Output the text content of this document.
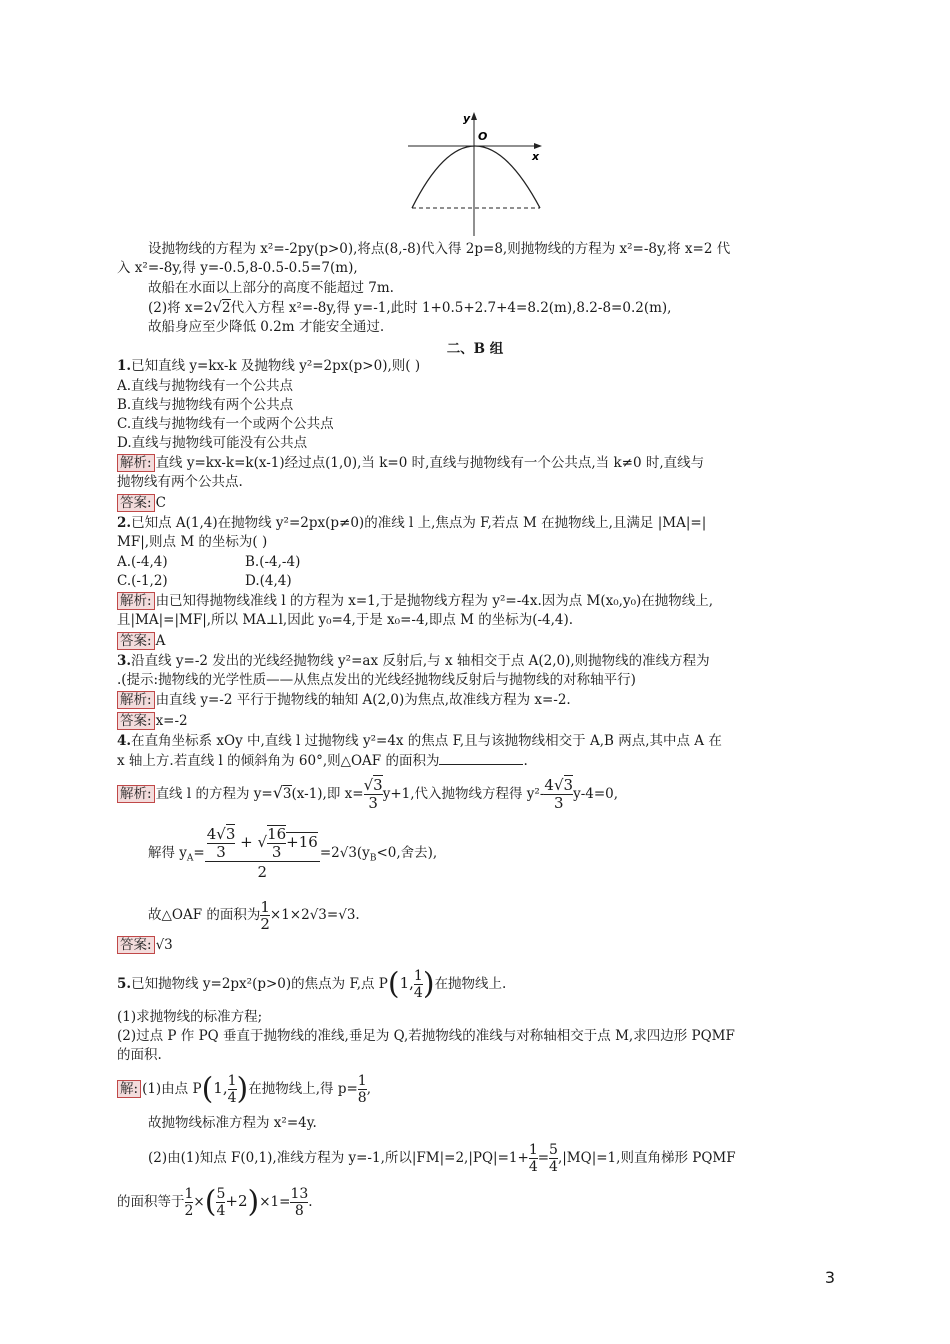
y
O
x
设抛物线的方程为 x²=-2py(p>0),将点(8,-8)代入得 2p=8,则抛物线的方程为 x²=-8y,将 x=2 代
入 x²=-8y,得 y=-0.5,8-0.5-0.5=7(m),
故船在水面以上部分的高度不能超过 7m.
(2)将 x=2√2代入方程 x²=-8y,得 y=-1,此时 1+0.5+2.7+4=8.2(m),8.2-8=0.2(m),
故船身应至少降低 0.2m 才能安全通过.
二、B 组
1.已知直线 y=kx-k 及抛物线 y²=2px(p>0),则( )
A.直线与抛物线有一个公共点
B.直线与抛物线有两个公共点
C.直线与抛物线有一个或两个公共点
D.直线与抛物线可能没有公共点
解析: 直线 y=kx-k=k(x-1)经过点(1,0),当 k=0 时,直线与抛物线有一个公共点,当 k≠0 时,直线与
抛物线有两个公共点.
答案: C
2.已知点 A(1,4)在抛物线 y²=2px(p≠0)的准线 l 上,焦点为 F,若点 M 在抛物线上,且满足 |MA|=|
MF|,则点 M 的坐标为( )
A.(-4,4)	B.(-4,-4)
C.(-1,2)	D.(4,4)
解析: 由已知得抛物线准线 l 的方程为 x=1,于是抛物线方程为 y²=-4x.因为点 M(x₀,y₀)在抛物线上,
且|MA|=|MF|,所以 MA⊥l,因此 y₀=4,于是 x₀=-4,即点 M 的坐标为(-4,4).
答案: A
3.沿直线 y=-2 发出的光线经抛物线 y²=ax 反射后,与 x 轴相交于点 A(2,0),则抛物线的准线方程为
.(提示:抛物线的光学性质——从焦点发出的光线经抛物线反射后与抛物线的对称轴平行)
解析: 由直线 y=-2 平行于抛物线的轴知 A(2,0)为焦点,故准线方程为 x=-2.
答案: x=-2
4.在直角坐标系 xOy 中,直线 l 过抛物线 y²=4x 的焦点 F,且与该抛物线相交于 A,B 两点,其中点 A 在
x 轴上方.若直线 l 的倾斜角为 60°,则△OAF 的面积为	.
解析: 直线 l 的方程为 y=√3(x-1),即 $x= \frac{√3}{3} y+1$,代入抛物线方程得 $y^2- \frac{4√3}{3} y-4=0$,
解得 $y_A= \frac{\frac{4√3}{3} + √ \frac{16}{3} +16}{2} =2√3(y_B<0$,舍去),
故△OAF 的面积为 $\frac{1}{2} \times 1\times 2√3=√3$.
答案: √3
5.已知抛物线 y=2px²(p>0)的焦点为 F,点 P(1, $\frac{1}{4}$ )在抛物线上.
(1)求抛物线的标准方程;
(2)过点 P 作 PQ 垂直于抛物线的准线,垂足为 Q,若抛物线的准线与对称轴相交于点 M,求四边形 PQMF
的面积.
解: (1)由点 P(1, $\frac{1}{4}$ )在抛物线上,得 $p= \frac{1}{8}$ ,
故抛物线标准方程为 x²=4y.
(2)由(1)知点 F(0,1),准线方程为 y=-1,所以$|FM|=2,|PQ|=1+ \frac{1}{4} = \frac{5}{4} ,|MQ|=1$,则直角梯形 PQMF
的面积等于 $\frac{1}{2}$ ×( $\frac{5}{4} +2)\times 1= \frac{13}{8}$ .
3
